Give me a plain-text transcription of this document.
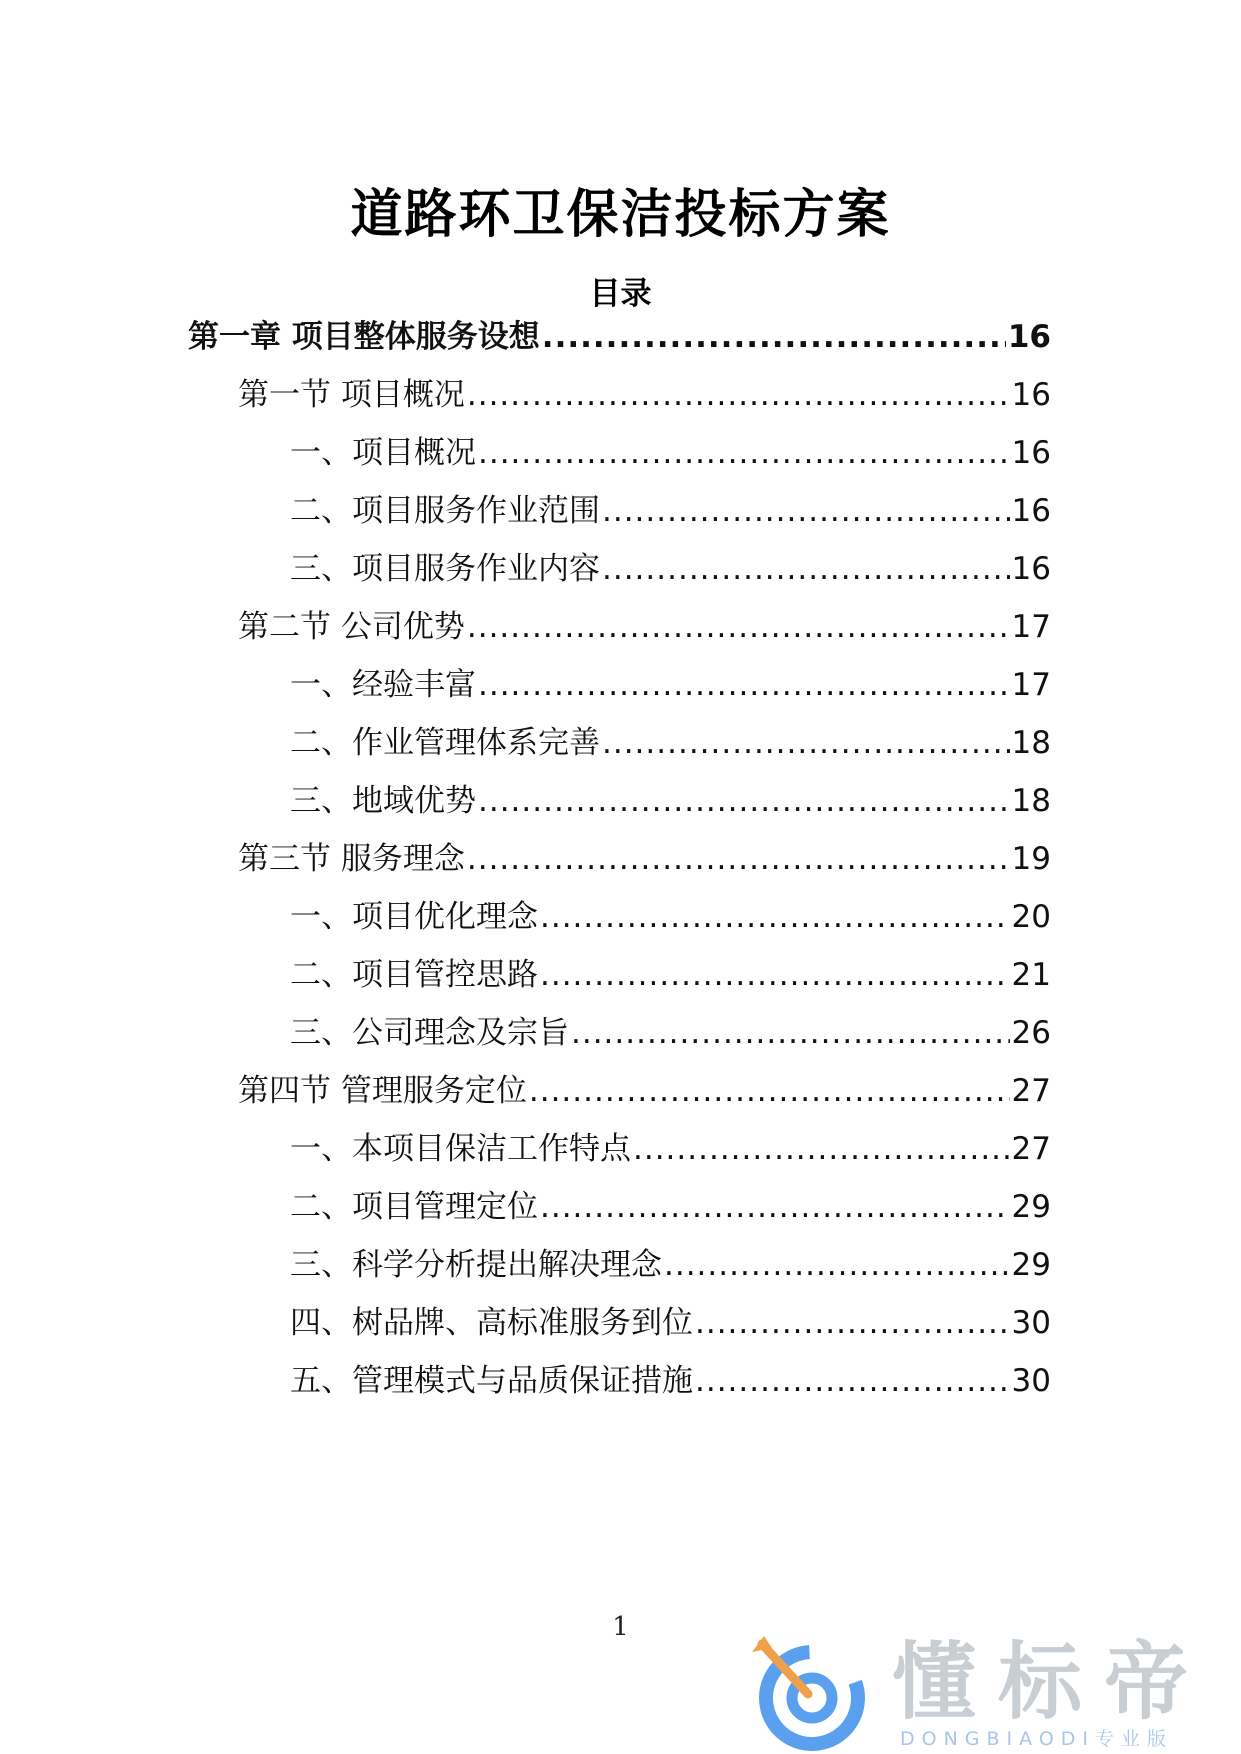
道路环卫保洁投标方案
目录
第一章 项目整体服务设想 .....	16
第一节 项目概况 .....	16
一、项目概况 .....	16
二、项目服务作业范围 .....	16
三、项目服务作业内容 .....	16
第二节 公司优势 .....	17
一、经验丰富 .....	17
二、作业管理体系完善 .....	18
三、地域优势 .....	18
第三节 服务理念 .....	19
一、项目优化理念 .....	20
二、项目管控思路 .....	21
三、公司理念及宗旨 .....	26
第四节 管理服务定位 .....	27
一、本项目保洁工作特点 .....	27
二、项目管理定位 .....	29
三、科学分析提出解决理念 .....	29
四、树品牌、高标准服务到位 .....	30
五、管理模式与品质保证措施 .....	30
1
懂标帝
DONGBIAODI专业版
